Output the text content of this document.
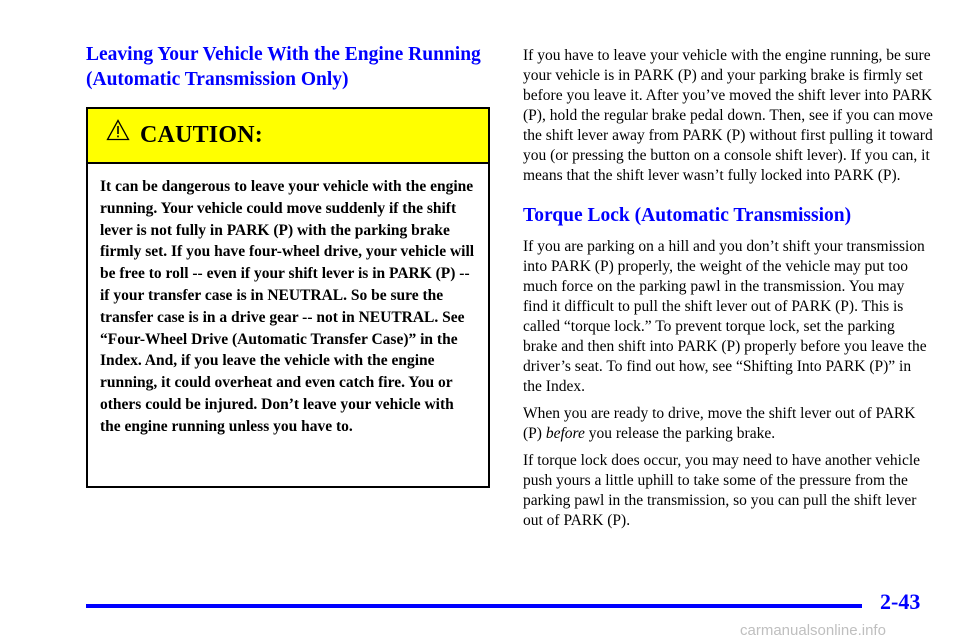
Leaving Your Vehicle With the Engine Running (Automatic Transmission Only)
CAUTION:

It can be dangerous to leave your vehicle with the engine running. Your vehicle could move suddenly if the shift lever is not fully in PARK (P) with the parking brake firmly set. If you have four-wheel drive, your vehicle will be free to roll -- even if your shift lever is in PARK (P) -- if your transfer case is in NEUTRAL. So be sure the transfer case is in a drive gear -- not in NEUTRAL. See “Four-Wheel Drive (Automatic Transfer Case)” in the Index. And, if you leave the vehicle with the engine running, it could overheat and even catch fire. You or others could be injured. Don’t leave your vehicle with the engine running unless you have to.

If you have to leave your vehicle with the engine running, be sure your vehicle is in PARK (P) and your parking brake is firmly set before you leave it. After you’ve moved the shift lever into PARK (P), hold the regular brake pedal down. Then, see if you can move the shift lever away from PARK (P) without first pulling it toward you (or pressing the button on a console shift lever). If you can, it means that the shift lever wasn’t fully locked into PARK (P).

Torque Lock (Automatic Transmission)

If you are parking on a hill and you don’t shift your transmission into PARK (P) properly, the weight of the vehicle may put too much force on the parking pawl in the transmission. You may find it difficult to pull the shift lever out of PARK (P). This is called “torque lock.” To prevent torque lock, set the parking brake and then shift into PARK (P) properly before you leave the driver’s seat. To find out how, see “Shifting Into PARK (P)” in the Index.

When you are ready to drive, move the shift lever out of PARK (P) before you release the parking brake.

If torque lock does occur, you may need to have another vehicle push yours a little uphill to take some of the pressure from the parking pawl in the transmission, so you can pull the shift lever out of PARK (P).

2-43
carmanualsonline.info
